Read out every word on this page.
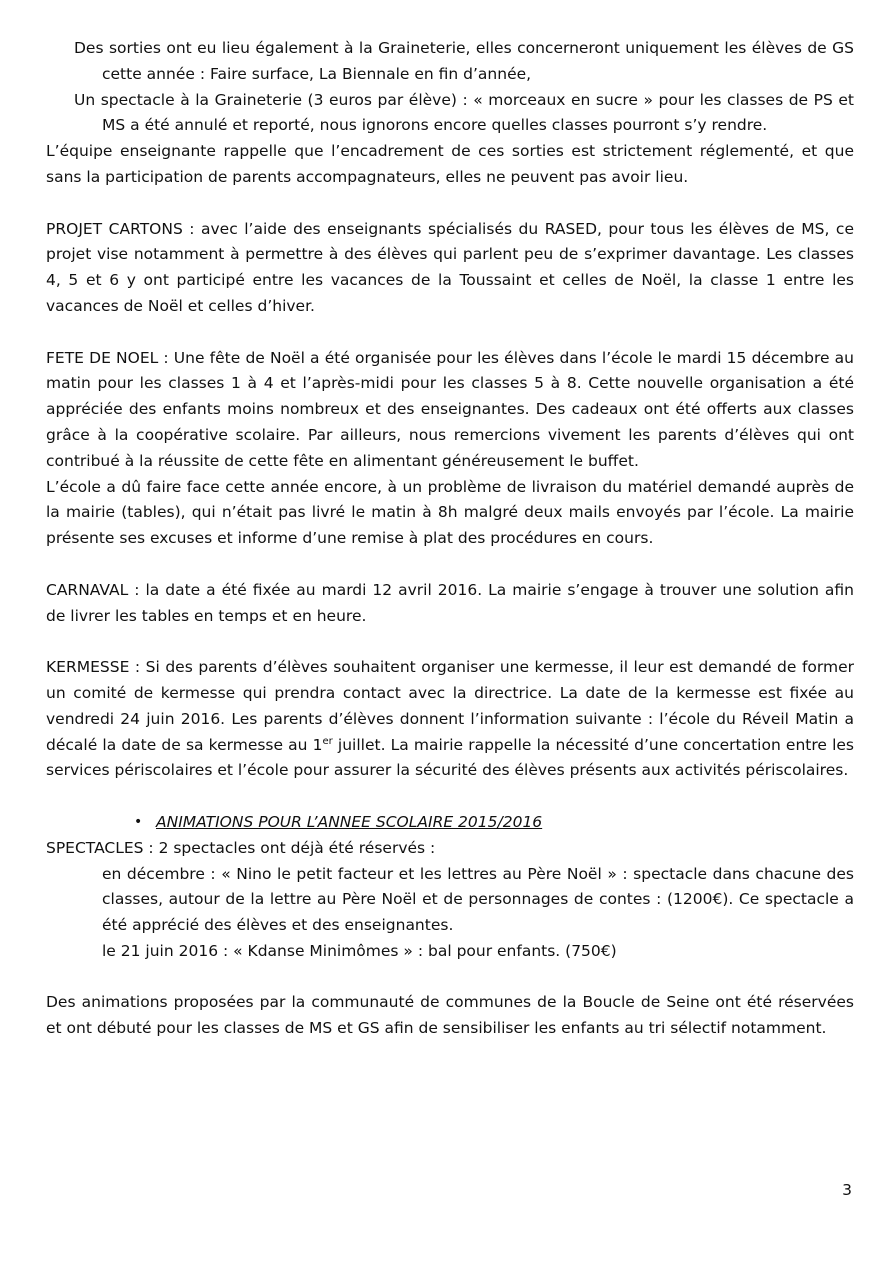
Des sorties ont eu lieu également à la Graineterie, elles concerneront uniquement les élèves de GS cette année : Faire surface, La Biennale en fin d’année,

Un spectacle à la Graineterie (3 euros par élève) : « morceaux en sucre » pour les classes de PS et MS a été annulé et reporté, nous ignorons encore quelles classes pourront s’y rendre.

L’équipe enseignante rappelle que l’encadrement de ces sorties est strictement réglementé, et que sans la participation de parents accompagnateurs, elles ne peuvent pas avoir lieu.

PROJET CARTONS : avec l’aide des enseignants spécialisés du RASED, pour tous les élèves de MS, ce projet vise notamment à permettre à des élèves qui parlent peu de s’exprimer davantage. Les classes 4, 5 et 6 y ont participé entre les vacances de la Toussaint et celles de Noël, la classe 1 entre les vacances de Noël et celles d’hiver.

FETE DE NOEL : Une fête de Noël a été organisée pour les élèves dans l’école le mardi 15 décembre au matin pour les classes 1 à 4 et l’après-midi pour les classes 5 à 8. Cette nouvelle organisation a été appréciée des enfants moins nombreux et des enseignantes. Des cadeaux ont été offerts aux classes grâce à la coopérative scolaire. Par ailleurs, nous remercions vivement les parents d’élèves qui ont contribué à la réussite de cette fête en alimentant généreusement le buffet.

L’école a dû faire face cette année encore, à un problème de livraison du matériel demandé auprès de la mairie (tables), qui n’était pas livré le matin à 8h malgré deux mails envoyés par l’école. La mairie présente ses excuses et informe d’une remise à plat des procédures en cours.

CARNAVAL : la date a été fixée au mardi 12 avril 2016. La mairie s’engage à trouver une solution afin de livrer les tables en temps et en heure.

KERMESSE : Si des parents d’élèves souhaitent organiser une kermesse, il leur est demandé de former un comité de kermesse qui prendra contact avec la directrice. La date de la kermesse est fixée au vendredi 24 juin 2016. Les parents d’élèves donnent l’information suivante : l’école du Réveil Matin a décalé la date de sa kermesse au 1er juillet. La mairie rappelle la nécessité d’une concertation entre les services périscolaires et l’école pour assurer la sécurité des élèves présents aux activités périscolaires.

• ANIMATIONS POUR L’ANNEE SCOLAIRE 2015/2016

SPECTACLES : 2 spectacles ont déjà été réservés :

en décembre : « Nino le petit facteur et les lettres au Père Noël » : spectacle dans chacune des classes, autour de la lettre au Père Noël et de personnages de contes : (1200€). Ce spectacle a été apprécié des élèves et des enseignantes.

le 21 juin 2016 : « Kdanse Minimômes » : bal pour enfants. (750€)

Des animations proposées par la communauté de communes de la Boucle de Seine ont été réservées et ont débuté pour les classes de MS et GS afin de sensibiliser les enfants au tri sélectif notamment.

3
